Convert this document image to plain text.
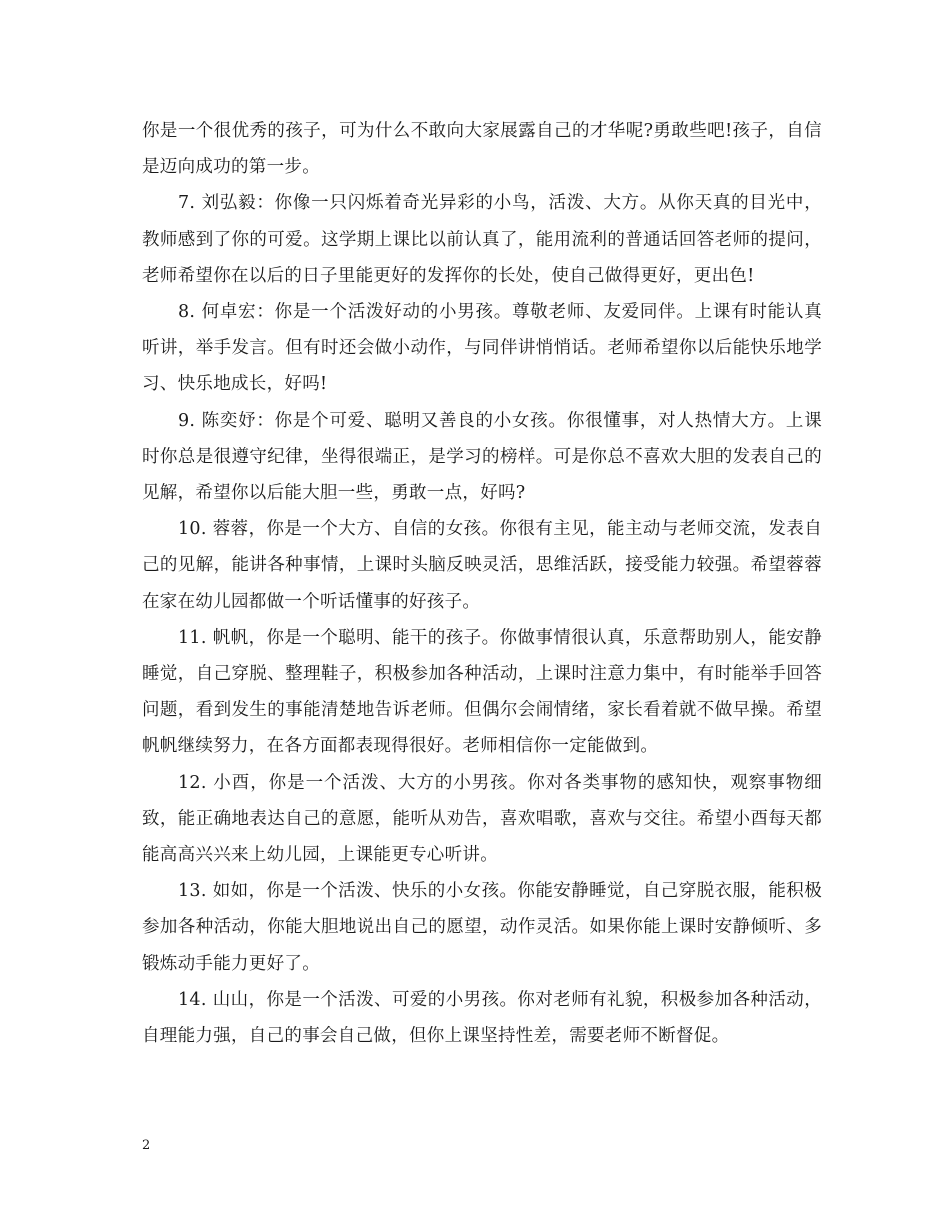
你是一个很优秀的孩子，可为什么不敢向大家展露自己的才华呢?勇敢些吧!孩子，自信是迈向成功的第一步。

7. 刘弘毅：你像一只闪烁着奇光异彩的小鸟，活泼、大方。从你天真的目光中，教师感到了你的可爱。这学期上课比以前认真了，能用流利的普通话回答老师的提问，老师希望你在以后的日子里能更好的发挥你的长处，使自己做得更好，更出色!

8. 何卓宏：你是一个活泼好动的小男孩。尊敬老师、友爱同伴。上课有时能认真听讲，举手发言。但有时还会做小动作，与同伴讲悄悄话。老师希望你以后能快乐地学习、快乐地成长，好吗!

9. 陈奕妤：你是个可爱、聪明又善良的小女孩。你很懂事，对人热情大方。上课时你总是很遵守纪律，坐得很端正，是学习的榜样。可是你总不喜欢大胆的发表自己的见解，希望你以后能大胆一些，勇敢一点，好吗?

10. 蓉蓉，你是一个大方、自信的女孩。你很有主见，能主动与老师交流，发表自己的见解，能讲各种事情，上课时头脑反映灵活，思维活跃，接受能力较强。希望蓉蓉在家在幼儿园都做一个听话懂事的好孩子。

11. 帆帆，你是一个聪明、能干的孩子。你做事情很认真，乐意帮助别人，能安静睡觉，自己穿脱、整理鞋子，积极参加各种活动，上课时注意力集中，有时能举手回答问题，看到发生的事能清楚地告诉老师。但偶尔会闹情绪，家长看着就不做早操。希望帆帆继续努力，在各方面都表现得很好。老师相信你一定能做到。

12. 小酉，你是一个活泼、大方的小男孩。你对各类事物的感知快，观察事物细致，能正确地表达自己的意愿，能听从劝告，喜欢唱歌，喜欢与交往。希望小酉每天都能高高兴兴来上幼儿园，上课能更专心听讲。

13. 如如，你是一个活泼、快乐的小女孩。你能安静睡觉，自己穿脱衣服，能积极参加各种活动，你能大胆地说出自己的愿望，动作灵活。如果你能上课时安静倾听、多锻炼动手能力更好了。

14. 山山，你是一个活泼、可爱的小男孩。你对老师有礼貌，积极参加各种活动， 自理能力强，自己的事会自己做，但你上课坚持性差，需要老师不断督促。

2
